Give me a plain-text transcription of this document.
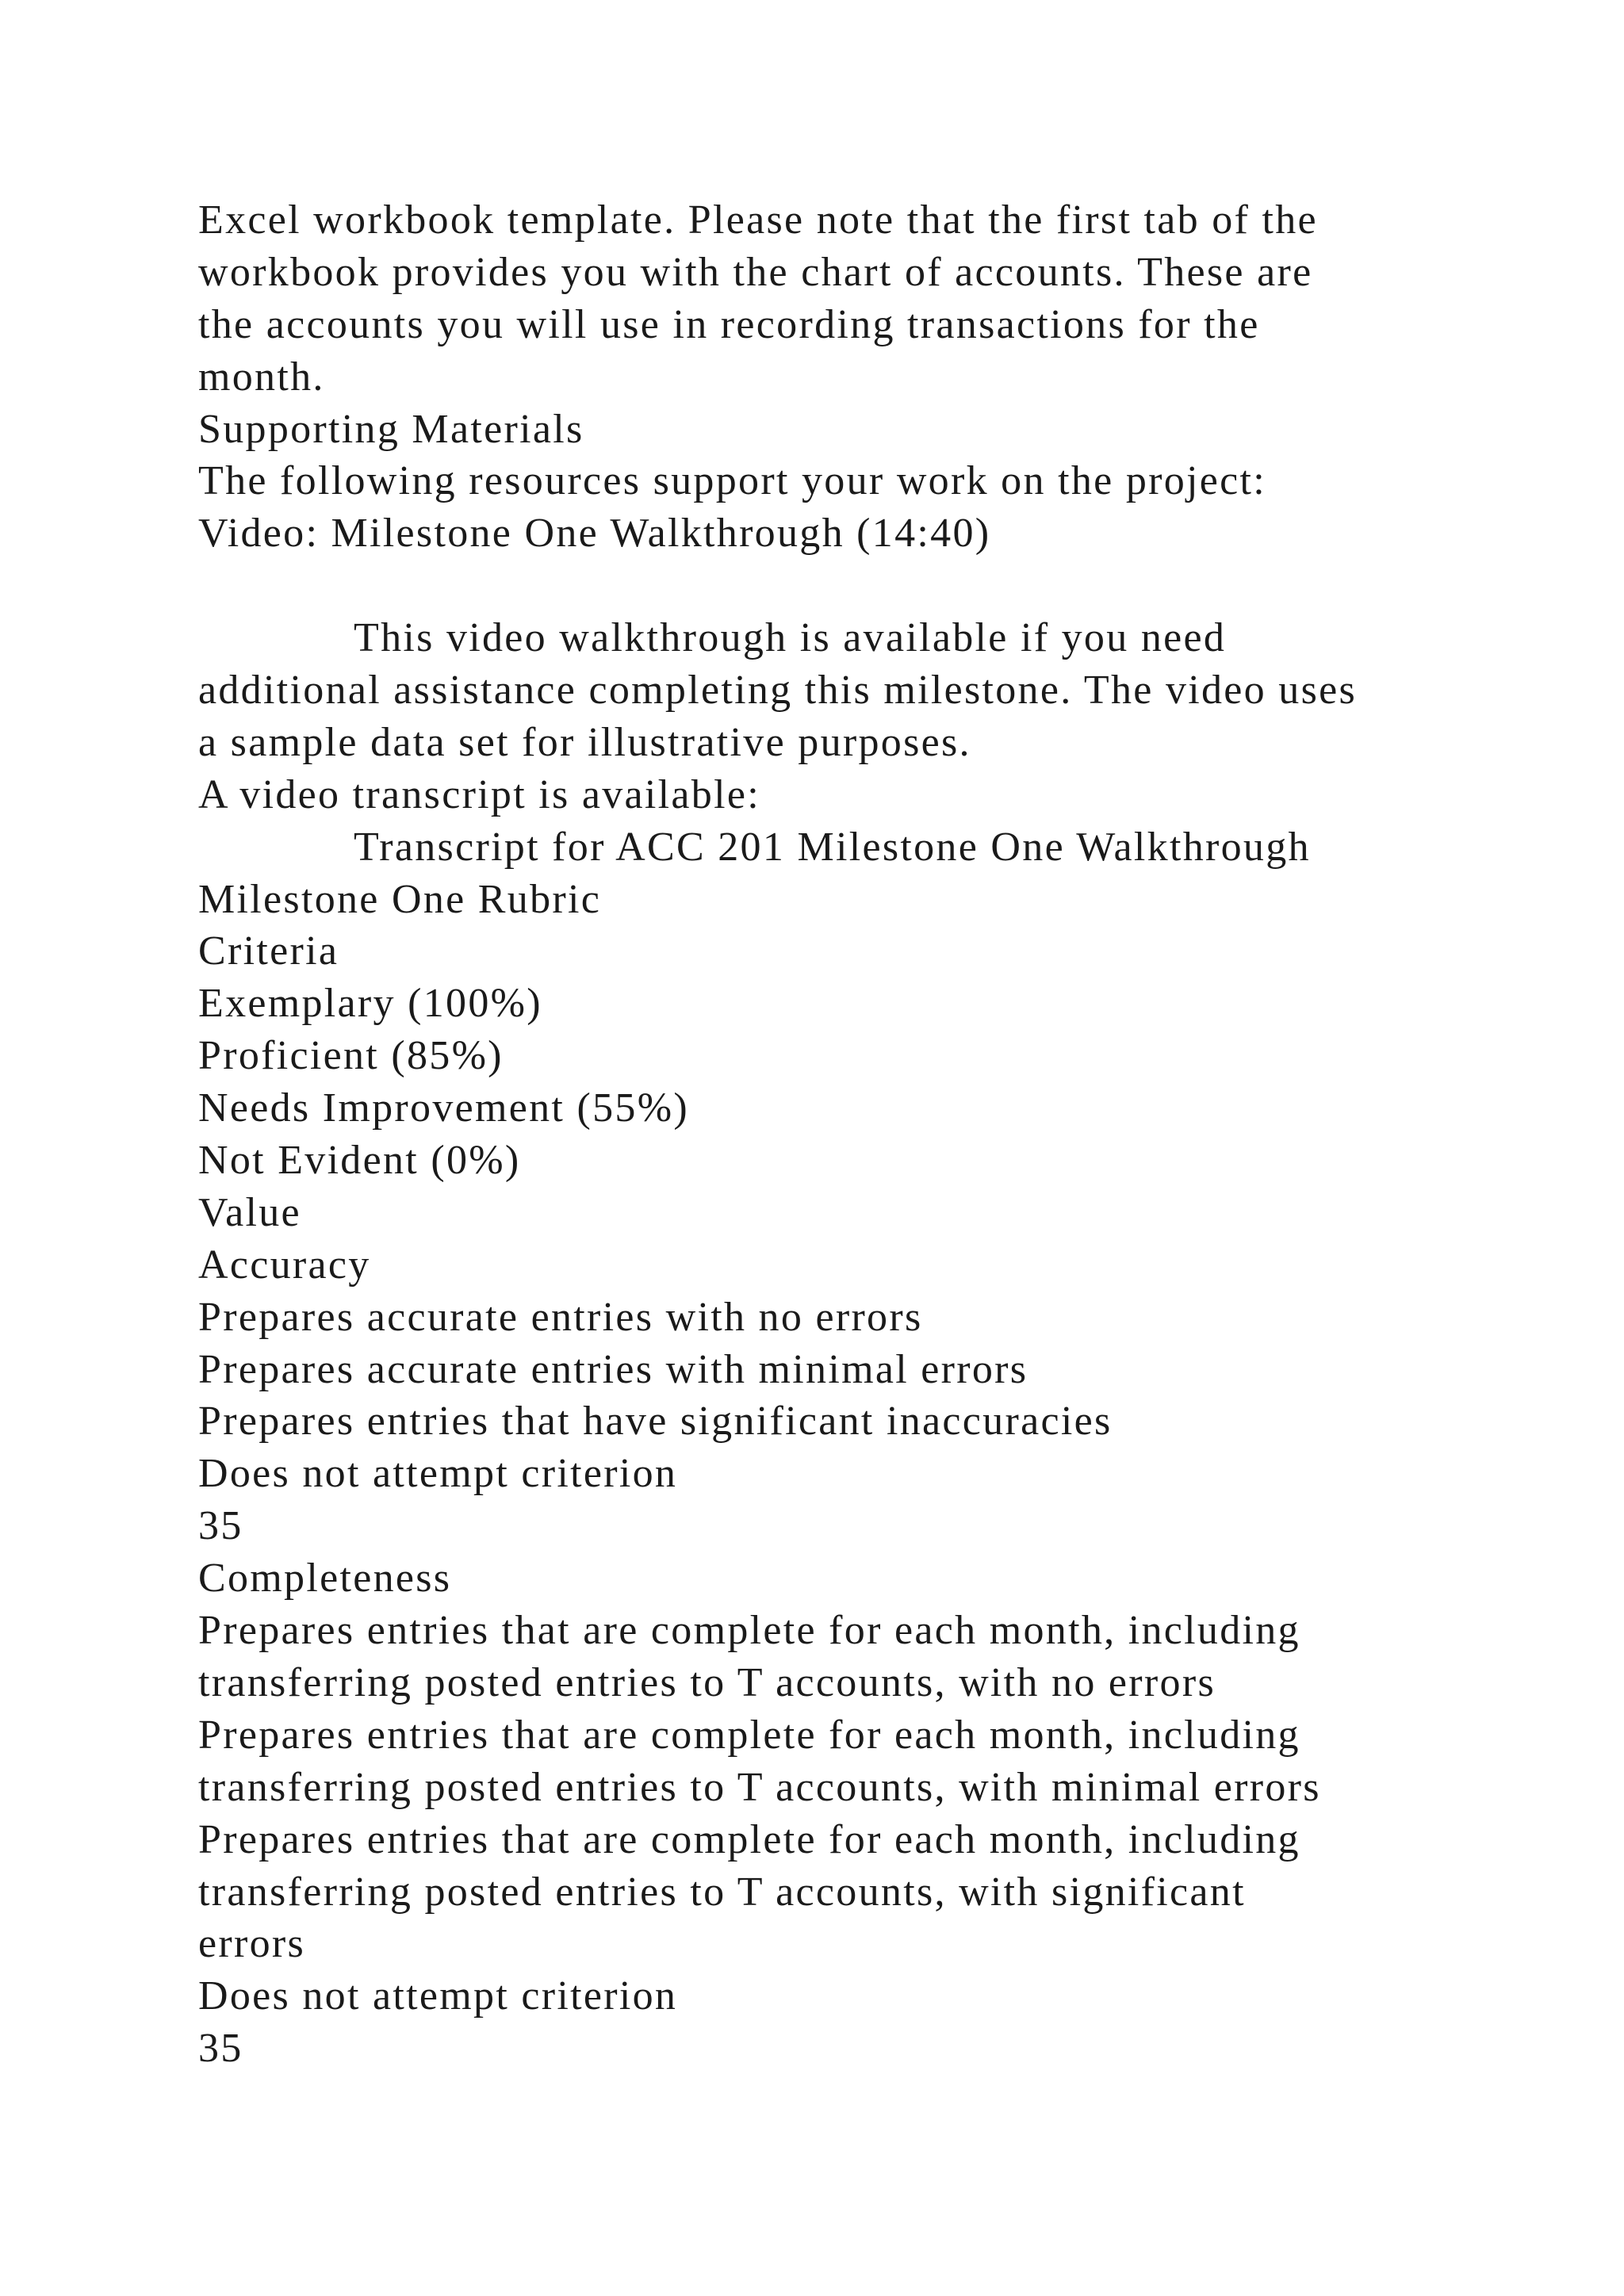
Excel workbook template. Please note that the first tab of the
workbook provides you with the chart of accounts. These are
the accounts you will use in recording transactions for the
month.
Supporting Materials
The following resources support your work on the project:
Video: Milestone One Walkthrough (14:40)
This video walkthrough is available if you need
additional assistance completing this milestone. The video uses
a sample data set for illustrative purposes.
A video transcript is available:
Transcript for ACC 201 Milestone One Walkthrough
Milestone One Rubric
Criteria
Exemplary (100%)
Proficient (85%)
Needs Improvement (55%)
Not Evident (0%)
Value
Accuracy
Prepares accurate entries with no errors
Prepares accurate entries with minimal errors
Prepares entries that have significant inaccuracies
Does not attempt criterion
35
Completeness
Prepares entries that are complete for each month, including
transferring posted entries to T accounts, with no errors
Prepares entries that are complete for each month, including
transferring posted entries to T accounts, with minimal errors
Prepares entries that are complete for each month, including
transferring posted entries to T accounts, with significant
errors
Does not attempt criterion
35
